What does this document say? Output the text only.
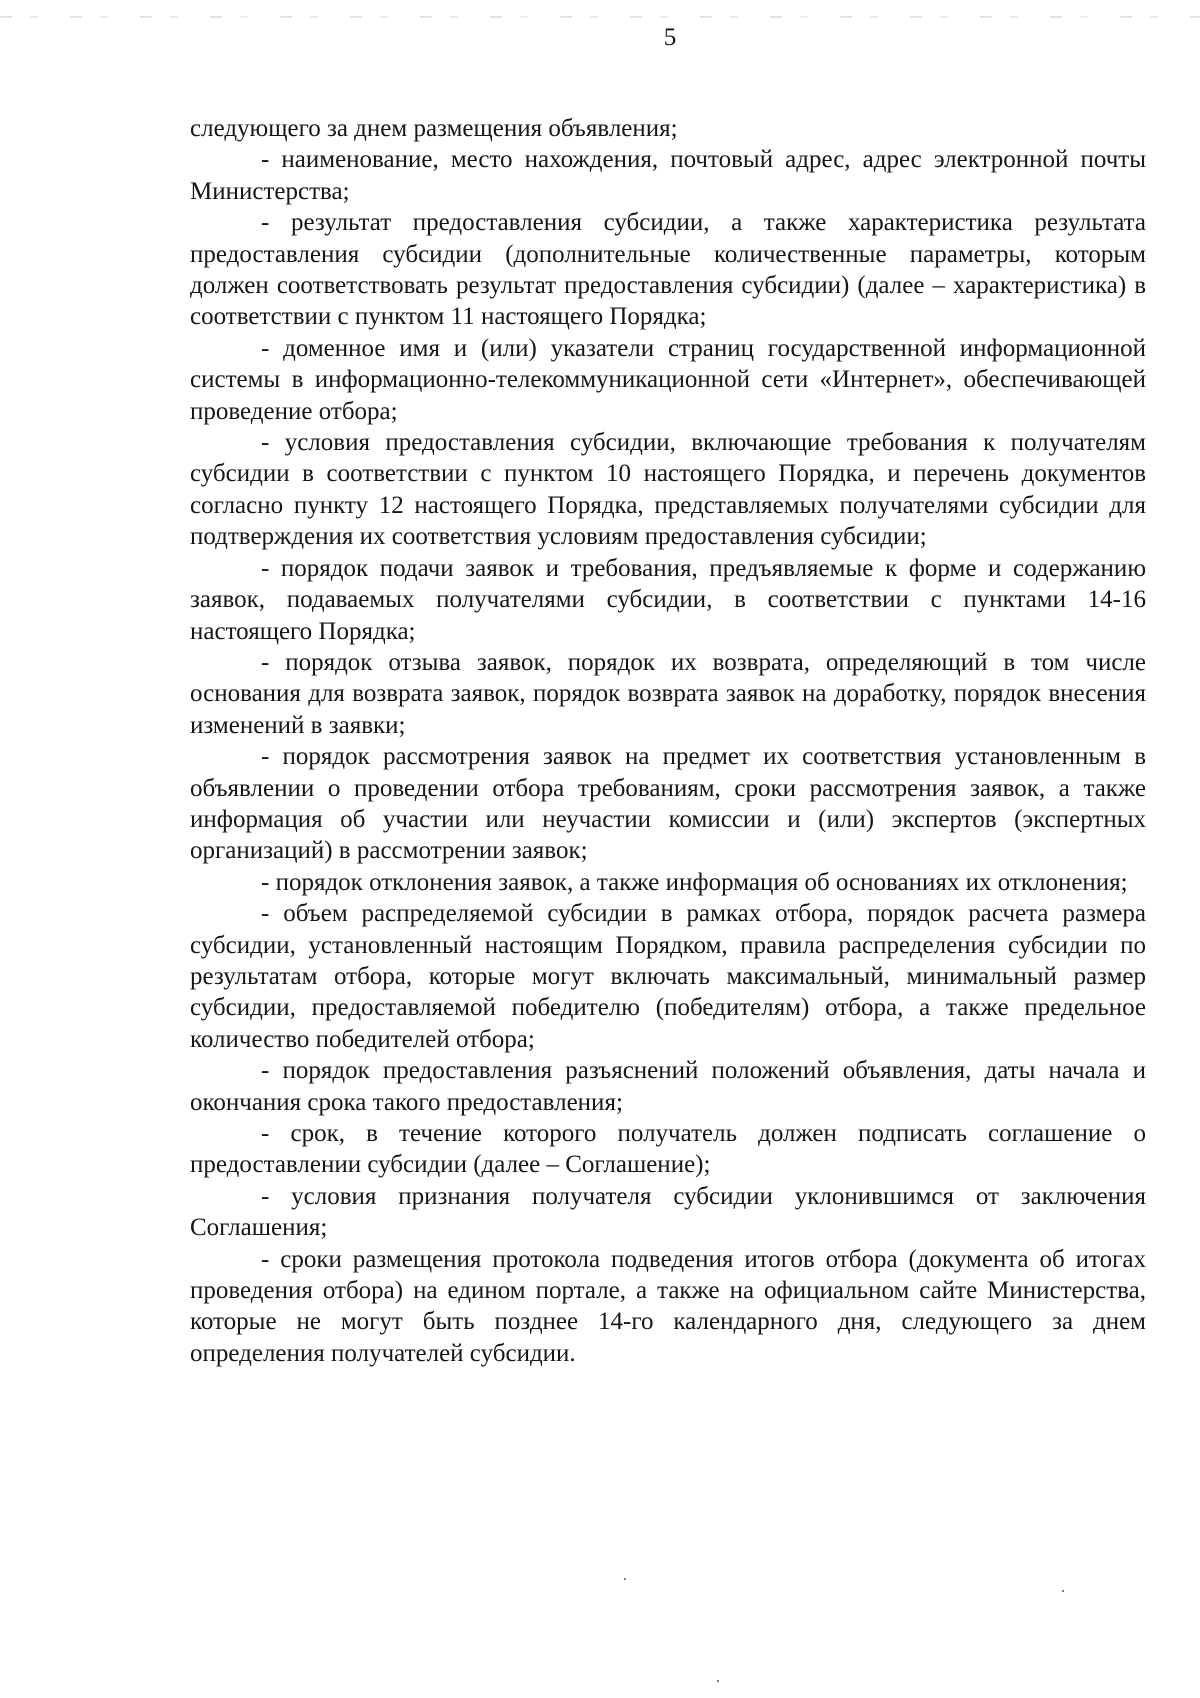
5

следующего за днем размещения объявления;

- наименование, место нахождения, почтовый адрес, адрес электронной почты Министерства;

- результат предоставления субсидии, а также характеристика результата предоставления субсидии (дополнительные количественные параметры, которым должен соответствовать результат предоставления субсидии) (далее – характеристика) в соответствии с пунктом 11 настоящего Порядка;

- доменное имя и (или) указатели страниц государственной информационной системы в информационно-телекоммуникационной сети «Интернет», обеспечивающей проведение отбора;

- условия предоставления субсидии, включающие требования к получателям субсидии в соответствии с пунктом 10 настоящего Порядка, и перечень документов согласно пункту 12 настоящего Порядка, представляемых получателями субсидии для подтверждения их соответствия условиям предоставления субсидии;

- порядок подачи заявок и требования, предъявляемые к форме и содержанию заявок, подаваемых получателями субсидии, в соответствии с пунктами 14-16 настоящего Порядка;

- порядок отзыва заявок, порядок их возврата, определяющий в том числе основания для возврата заявок, порядок возврата заявок на доработку, порядок внесения изменений в заявки;

- порядок рассмотрения заявок на предмет их соответствия установленным в объявлении о проведении отбора требованиям, сроки рассмотрения заявок, а также информация об участии или неучастии комиссии и (или) экспертов (экспертных организаций) в рассмотрении заявок;

- порядок отклонения заявок, а также информация об основаниях их отклонения;

- объем распределяемой субсидии в рамках отбора, порядок расчета размера субсидии, установленный настоящим Порядком, правила распределения субсидии по результатам отбора, которые могут включать максимальный, минимальный размер субсидии, предоставляемой победителю (победителям) отбора, а также предельное количество победителей отбора;

- порядок предоставления разъяснений положений объявления, даты начала и окончания срока такого предоставления;

- срок, в течение которого получатель должен подписать соглашение о предоставлении субсидии (далее – Соглашение);

- условия признания получателя субсидии уклонившимся от заключения Соглашения;

- сроки размещения протокола подведения итогов отбора (документа об итогах проведения отбора) на едином портале, а также на официальном сайте Министерства, которые не могут быть позднее 14-го календарного дня, следующего за днем определения получателей субсидии.
